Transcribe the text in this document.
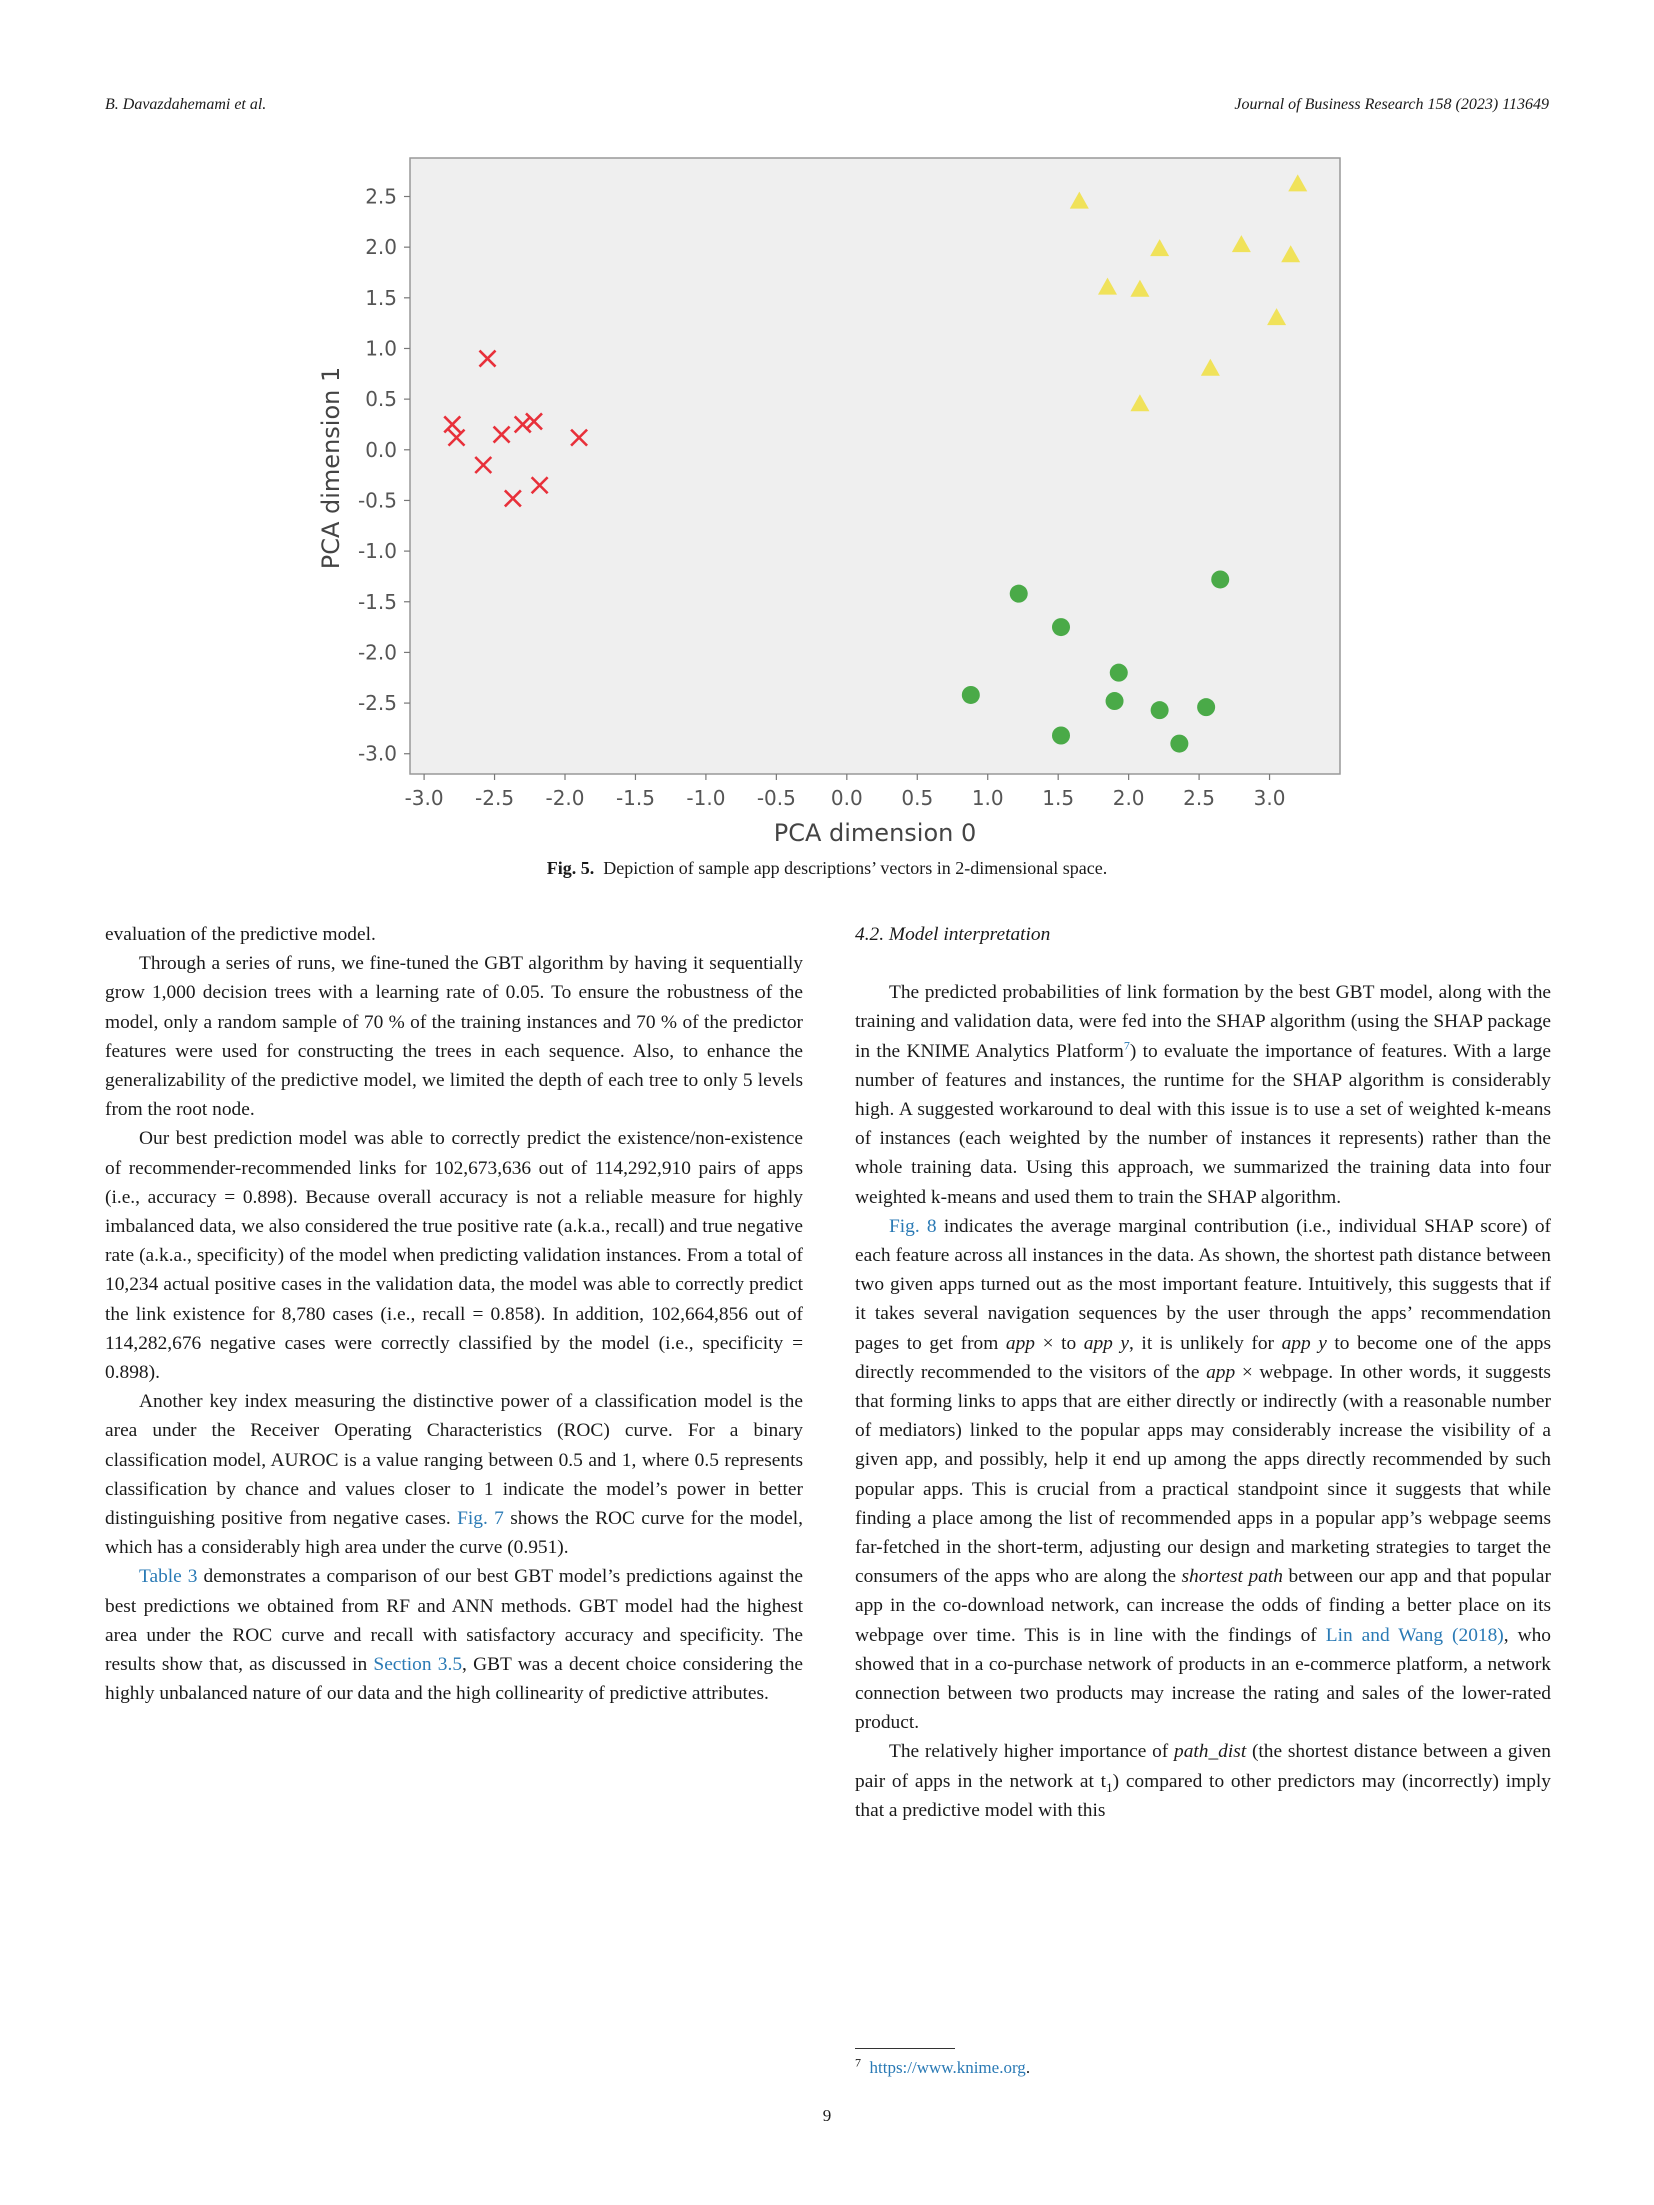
B. Davazdahemami et al.	Journal of Business Research 158 (2023) 113649
2.5
2.0
1.5
1.0
0.5
0.0
-0.5
-1.0
-1.5
-2.0
-2.5
-3.0
-3.0 -2.5 -2.0 -1.5 -1.0 -0.5 0.0 0.5 1.0 1.5 2.0 2.5 3.0
PCA dimension 0
PCA dimension 1
Fig. 5. Depiction of sample app descriptions’ vectors in 2-dimensional space.

evaluation of the predictive model.

Through a series of runs, we fine-tuned the GBT algorithm by having it sequentially grow 1,000 decision trees with a learning rate of 0.05. To ensure the robustness of the model, only a random sample of 70 % of the training instances and 70 % of the predictor features were used for constructing the trees in each sequence. Also, to enhance the generalizability of the predictive model, we limited the depth of each tree to only 5 levels from the root node.

Our best prediction model was able to correctly predict the existence/non-existence of recommender-recommended links for 102,673,636 out of 114,292,910 pairs of apps (i.e., accuracy = 0.898). Because overall accuracy is not a reliable measure for highly imbalanced data, we also considered the true positive rate (a.k.a., recall) and true negative rate (a.k.a., specificity) of the model when predicting validation instances. From a total of 10,234 actual positive cases in the validation data, the model was able to correctly predict the link existence for 8,780 cases (i.e., recall = 0.858). In addition, 102,664,856 out of 114,282,676 negative cases were correctly classified by the model (i.e., specificity = 0.898).

Another key index measuring the distinctive power of a classification model is the area under the Receiver Operating Characteristics (ROC) curve. For a binary classification model, AUROC is a value ranging between 0.5 and 1, where 0.5 represents classification by chance and values closer to 1 indicate the model’s power in better distinguishing positive from negative cases. Fig. 7 shows the ROC curve for the model, which has a considerably high area under the curve (0.951).

Table 3 demonstrates a comparison of our best GBT model’s predictions against the best predictions we obtained from RF and ANN methods. GBT model had the highest area under the ROC curve and recall with satisfactory accuracy and specificity. The results show that, as discussed in Section 3.5, GBT was a decent choice considering the highly unbalanced nature of our data and the high collinearity of predictive attributes.

4.2. Model interpretation

The predicted probabilities of link formation by the best GBT model, along with the training and validation data, were fed into the SHAP algorithm (using the SHAP package in the KNIME Analytics Platform$^7$) to evaluate the importance of features. With a large number of features and instances, the runtime for the SHAP algorithm is considerably high. A suggested workaround to deal with this issue is to use a set of weighted k-means of instances (each weighted by the number of instances it represents) rather than the whole training data. Using this approach, we summarized the training data into four weighted k-means and used them to train the SHAP algorithm.

Fig. 8 indicates the average marginal contribution (i.e., individual SHAP score) of each feature across all instances in the data. As shown, the shortest path distance between two given apps turned out as the most important feature. Intuitively, this suggests that if it takes several navigation sequences by the user through the apps’ recommendation pages to get from app × to app y, it is unlikely for app y to become one of the apps directly recommended to the visitors of the app × webpage. In other words, it suggests that forming links to apps that are either directly or indirectly (with a reasonable number of mediators) linked to the popular apps may considerably increase the visibility of a given app, and possibly, help it end up among the apps directly recommended by such popular apps. This is crucial from a practical standpoint since it suggests that while finding a place among the list of recommended apps in a popular app’s webpage seems far-fetched in the short-term, adjusting our design and marketing strategies to target the consumers of the apps who are along the shortest path between our app and that popular app in the co-download network, can increase the odds of finding a better place on its webpage over time. This is in line with the findings of Lin and Wang (2018), who showed that in a co-purchase network of products in an e-commerce platform, a network connection between two products may increase the rating and sales of the lower-rated product.

The relatively higher importance of path_dist (the shortest distance between a given pair of apps in the network at $t_1$) compared to other predictors may (incorrectly) imply that a predictive model with this

$^7$ https://www.knime.org.
9
